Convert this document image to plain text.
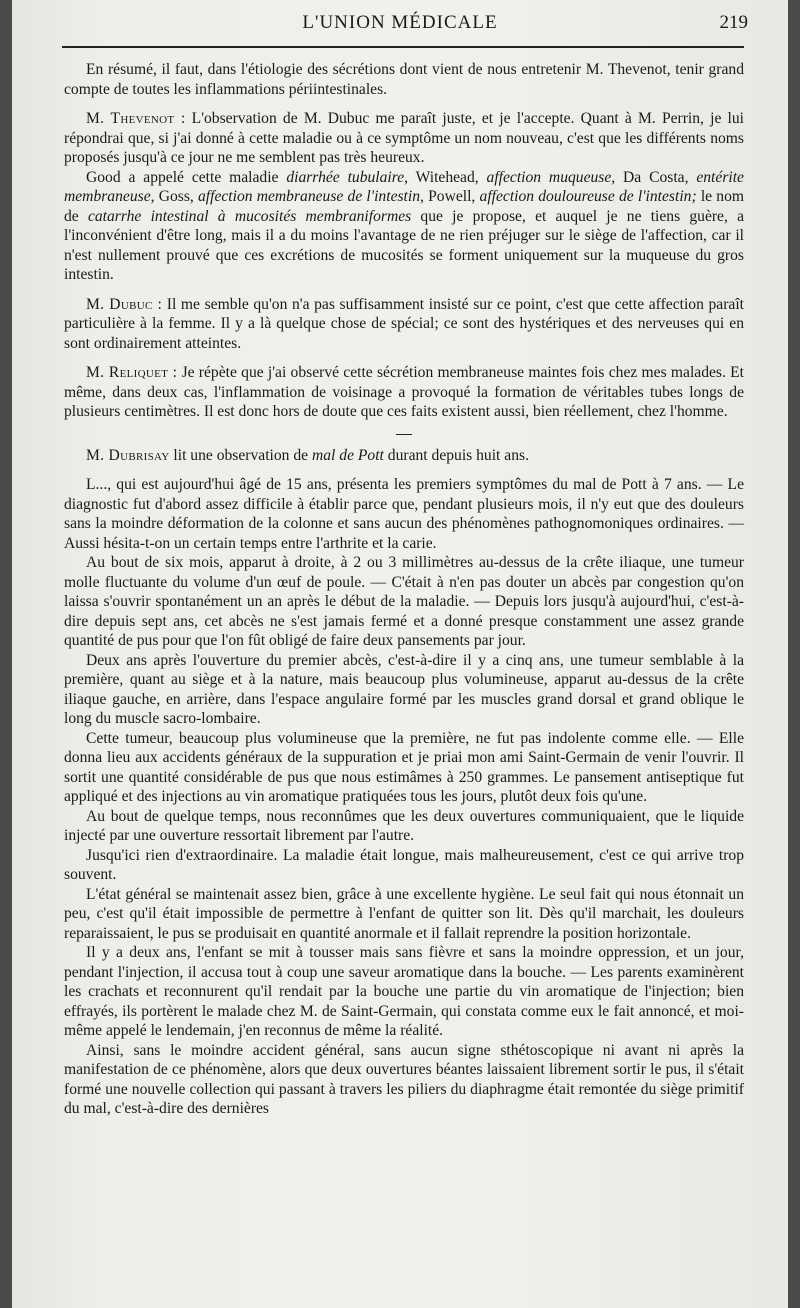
L'UNION MÉDICALE	219

En résumé, il faut, dans l'étiologie des sécrétions dont vient de nous entretenir M. Thevenot, tenir grand compte de toutes les inflammations périintestinales.

M. Thevenot : L'observation de M. Dubuc me paraît juste, et je l'accepte. Quant à M. Perrin, je lui répondrai que, si j'ai donné à cette maladie ou à ce symptôme un nom nouveau, c'est que les différents noms proposés jusqu'à ce jour ne me semblent pas très heureux.

Good a appelé cette maladie diarrhée tubulaire, Witehead, affection muqueuse, Da Costa, entérite membraneuse, Goss, affection membraneuse de l'intestin, Powell, affection douloureuse de l'intestin; le nom de catarrhe intestinal à mucosités membraniformes que je propose, et auquel je ne tiens guère, a l'inconvénient d'être long, mais il a du moins l'avantage de ne rien préjuger sur le siège de l'affection, car il n'est nullement prouvé que ces excrétions de mucosités se forment uniquement sur la muqueuse du gros intestin.

M. Dubuc : Il me semble qu'on n'a pas suffisamment insisté sur ce point, c'est que cette affection paraît particulière à la femme. Il y a là quelque chose de spécial; ce sont des hystériques et des nerveuses qui en sont ordinairement atteintes.

M. Reliquet : Je répète que j'ai observé cette sécrétion membraneuse maintes fois chez mes malades. Et même, dans deux cas, l'inflammation de voisinage a provoqué la formation de véritables tubes longs de plusieurs centimètres. Il est donc hors de doute que ces faits existent aussi, bien réellement, chez l'homme.

M. Dubrisay lit une observation de mal de Pott durant depuis huit ans.

L..., qui est aujourd'hui âgé de 15 ans, présenta les premiers symptômes du mal de Pott à 7 ans. — Le diagnostic fut d'abord assez difficile à établir parce que, pendant plusieurs mois, il n'y eut que des douleurs sans la moindre déformation de la colonne et sans aucun des phénomènes pathognomoniques ordinaires. — Aussi hésita-t-on un certain temps entre l'arthrite et la carie.

Au bout de six mois, apparut à droite, à 2 ou 3 millimètres au-dessus de la crête iliaque, une tumeur molle fluctuante du volume d'un œuf de poule. — C'était à n'en pas douter un abcès par congestion qu'on laissa s'ouvrir spontanément un an après le début de la maladie. — Depuis lors jusqu'à aujourd'hui, c'est-à-dire depuis sept ans, cet abcès ne s'est jamais fermé et a donné presque constamment une assez grande quantité de pus pour que l'on fût obligé de faire deux pansements par jour.

Deux ans après l'ouverture du premier abcès, c'est-à-dire il y a cinq ans, une tumeur semblable à la première, quant au siège et à la nature, mais beaucoup plus volumineuse, apparut au-dessus de la crête iliaque gauche, en arrière, dans l'espace angulaire formé par les muscles grand dorsal et grand oblique le long du muscle sacro-lombaire.

Cette tumeur, beaucoup plus volumineuse que la première, ne fut pas indolente comme elle. — Elle donna lieu aux accidents généraux de la suppuration et je priai mon ami Saint-Germain de venir l'ouvrir. Il sortit une quantité considérable de pus que nous estimâmes à 250 grammes. Le pansement antiseptique fut appliqué et des injections au vin aromatique pratiquées tous les jours, plutôt deux fois qu'une.

Au bout de quelque temps, nous reconnûmes que les deux ouvertures communiquaient, que le liquide injecté par une ouverture ressortait librement par l'autre.

Jusqu'ici rien d'extraordinaire. La maladie était longue, mais malheureusement, c'est ce qui arrive trop souvent.

L'état général se maintenait assez bien, grâce à une excellente hygiène. Le seul fait qui nous étonnait un peu, c'est qu'il était impossible de permettre à l'enfant de quitter son lit. Dès qu'il marchait, les douleurs reparaissaient, le pus se produisait en quantité anormale et il fallait reprendre la position horizontale.

Il y a deux ans, l'enfant se mit à tousser mais sans fièvre et sans la moindre oppression, et un jour, pendant l'injection, il accusa tout à coup une saveur aromatique dans la bouche. — Les parents examinèrent les crachats et reconnurent qu'il rendait par la bouche une partie du vin aromatique de l'injection; bien effrayés, ils portèrent le malade chez M. de Saint-Germain, qui constata comme eux le fait annoncé, et moi-même appelé le lendemain, j'en reconnus de même la réalité.

Ainsi, sans le moindre accident général, sans aucun signe sthétoscopique ni avant ni après la manifestation de ce phénomène, alors que deux ouvertures béantes laissaient librement sortir le pus, il s'était formé une nouvelle collection qui passant à travers les piliers du diaphragme était remontée du siège primitif du mal, c'est-à-dire des dernières
